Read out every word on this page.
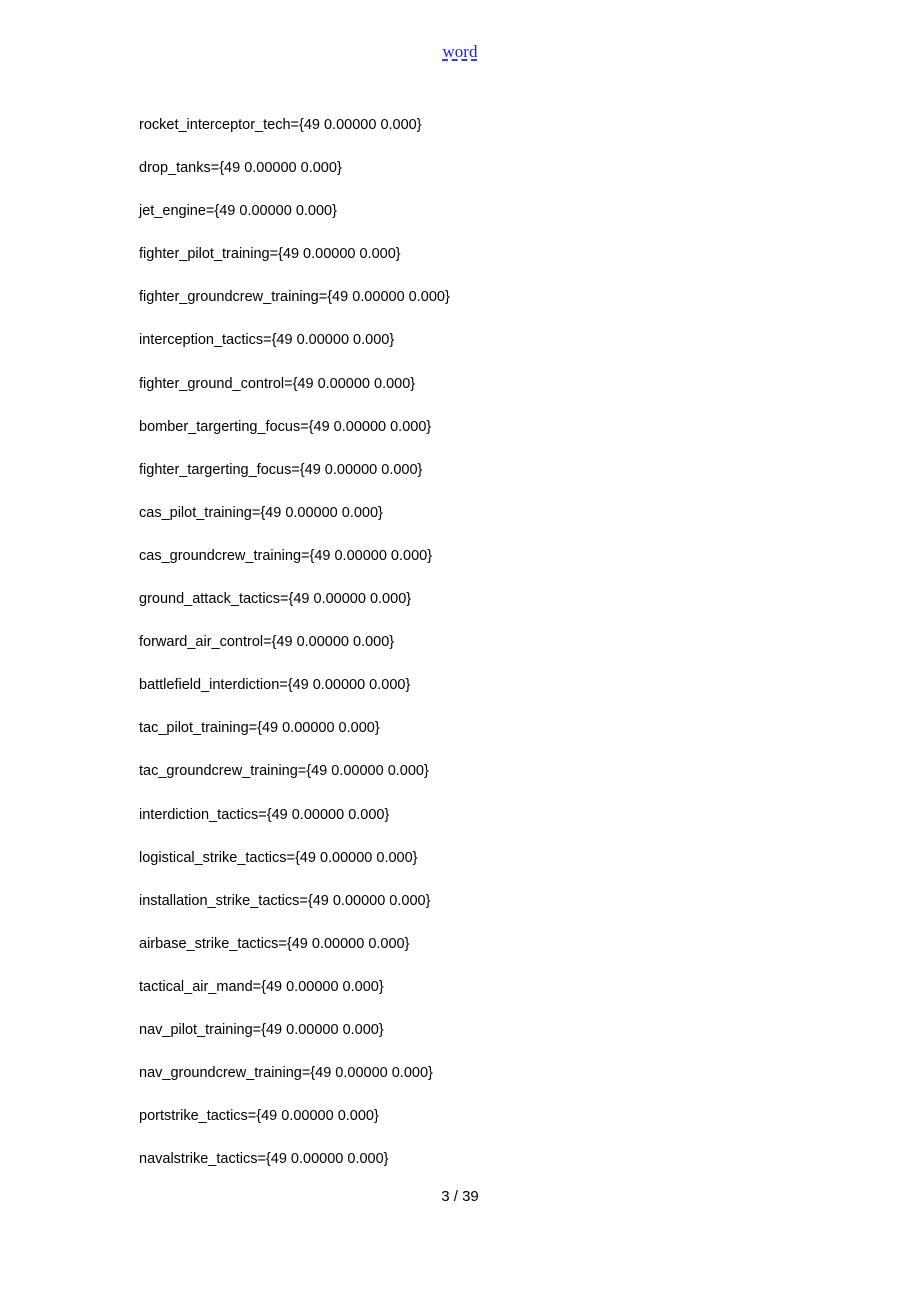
word
rocket_interceptor_tech={49 0.00000 0.000}
drop_tanks={49 0.00000 0.000}
jet_engine={49 0.00000 0.000}
fighter_pilot_training={49 0.00000 0.000}
fighter_groundcrew_training={49 0.00000 0.000}
interception_tactics={49 0.00000 0.000}
fighter_ground_control={49 0.00000 0.000}
bomber_targerting_focus={49 0.00000 0.000}
fighter_targerting_focus={49 0.00000 0.000}
cas_pilot_training={49 0.00000 0.000}
cas_groundcrew_training={49 0.00000 0.000}
ground_attack_tactics={49 0.00000 0.000}
forward_air_control={49 0.00000 0.000}
battlefield_interdiction={49 0.00000 0.000}
tac_pilot_training={49 0.00000 0.000}
tac_groundcrew_training={49 0.00000 0.000}
interdiction_tactics={49 0.00000 0.000}
logistical_strike_tactics={49 0.00000 0.000}
installation_strike_tactics={49 0.00000 0.000}
airbase_strike_tactics={49 0.00000 0.000}
tactical_air_mand={49 0.00000 0.000}
nav_pilot_training={49 0.00000 0.000}
nav_groundcrew_training={49 0.00000 0.000}
portstrike_tactics={49 0.00000 0.000}
navalstrike_tactics={49 0.00000 0.000}
3 / 39
